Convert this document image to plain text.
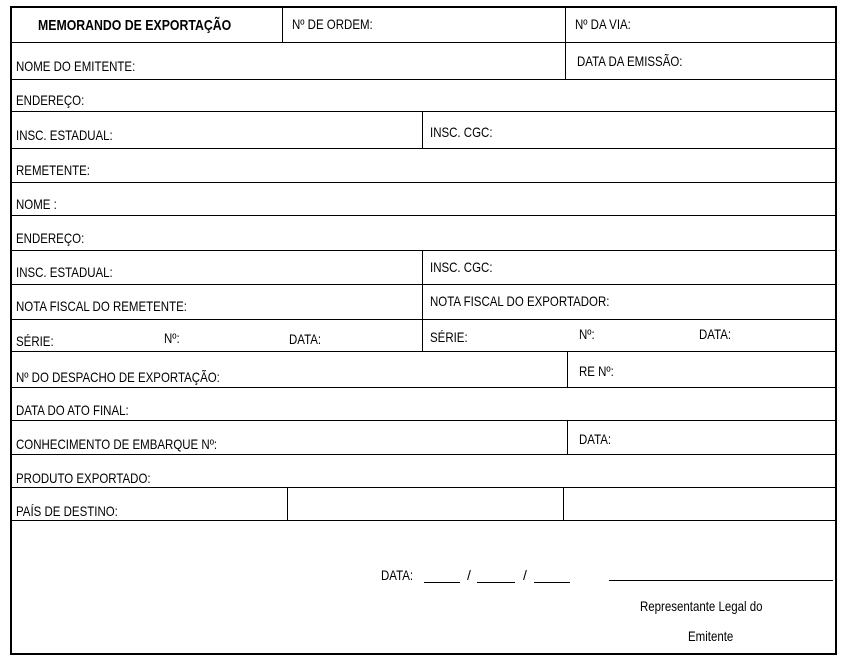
MEMORANDO DE EXPORTAÇÃO	Nº DE ORDEM:	Nº DA VIA:
NOME DO EMITENTE:	DATA DA EMISSÃO:
ENDEREÇO:
INSC. ESTADUAL:	INSC. CGC:
REMETENTE:
NOME :
ENDEREÇO:
INSC. ESTADUAL:	INSC. CGC:
NOTA FISCAL DO REMETENTE:	NOTA FISCAL DO EXPORTADOR:
SÉRIE:	Nº:	DATA:	SÉRIE:	Nº:	DATA:
Nº DO DESPACHO DE EXPORTAÇÃO:	RE Nº:
DATA DO ATO FINAL:
CONHECIMENTO DE EMBARQUE Nº:	DATA:
PRODUTO EXPORTADO:
PAÍS DE DESTINO:
DATA:	/	/
Representante Legal do
Emitente
